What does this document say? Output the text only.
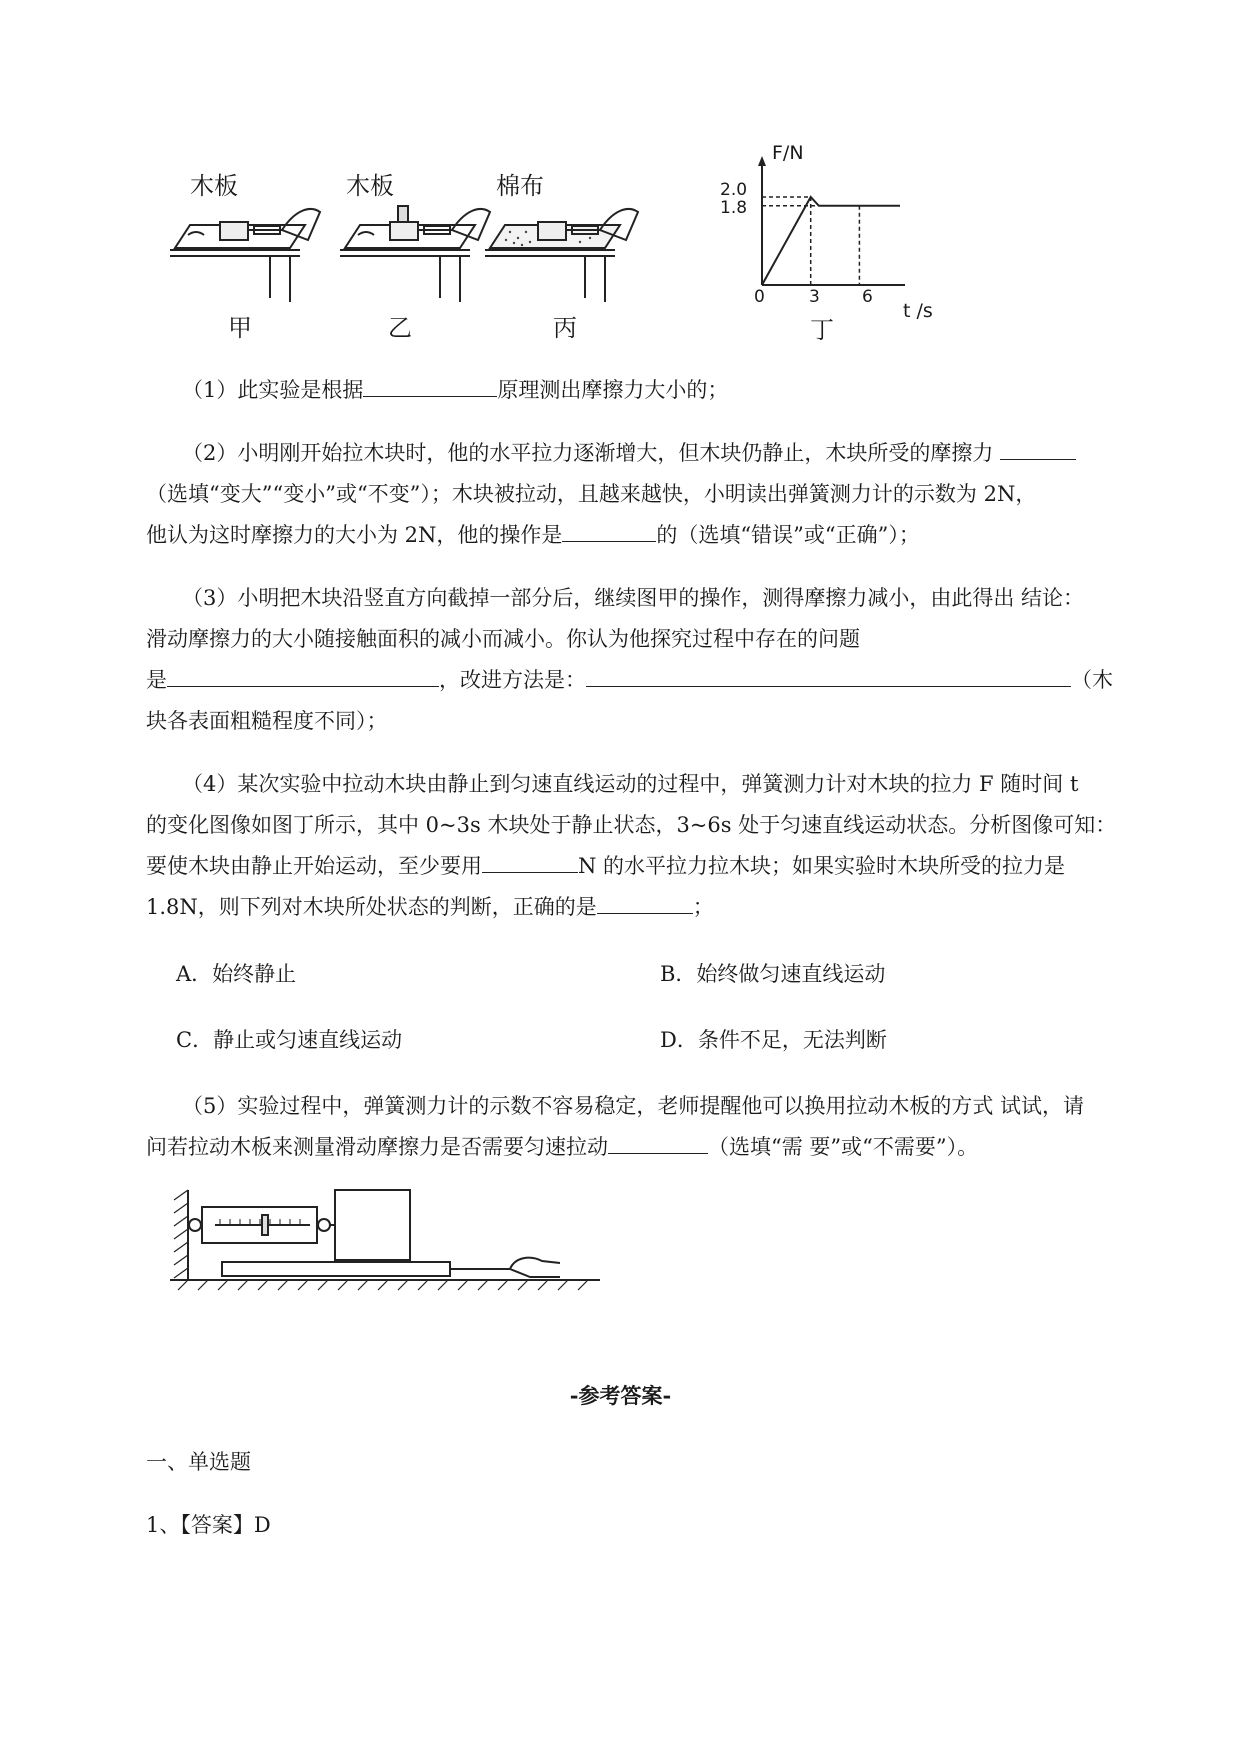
木板	木板	棉布
甲	乙	丙
F/N
2.0
1.8
0	3 6
t /s
丁
（1）此实验是根据	原理测出摩擦力大小的；
（2）小明刚开始拉木块时，他的水平拉力逐渐增大，但木块仍静止，木块所受的摩擦力
（选填“变大”“变小”或“不变”）；木块被拉动，且越来越快，小明读出弹簧测力计的示数为 2N，
他认为这时摩擦力的大小为 2N，他的操作是	的（选填“错误”或“正确”）；
（3）小明把木块沿竖直方向截掉一部分后，继续图甲的操作，测得摩擦力减小，由此得出 结论：
滑动摩擦力的大小随接触面积的减小而减小。你认为他探究过程中存在的问题
是	，改进方法是：	（木
块各表面粗糙程度不同）；
（4）某次实验中拉动木块由静止到匀速直线运动的过程中，弹簧测力计对木块的拉力 F 随时间 t
的变化图像如图丁所示，其中 0~3s 木块处于静止状态，3~6s 处于匀速直线运动状态。分析图像可知：
要使木块由静止开始运动，至少要用	N 的水平拉力拉木块；如果实验时木块所受的拉力是
1.8N，则下列对木块所处状态的判断，正确的是	；
A．始终静止	B．始终做匀速直线运动
C．静止或匀速直线运动	D．条件不足，无法判断
（5）实验过程中，弹簧测力计的示数不容易稳定，老师提醒他可以换用拉动木板的方式 试试，请
问若拉动木板来测量滑动摩擦力是否需要匀速拉动	（选填“需 要”或“不需要”）。
-参考答案-
一、单选题
1、【答案】D
